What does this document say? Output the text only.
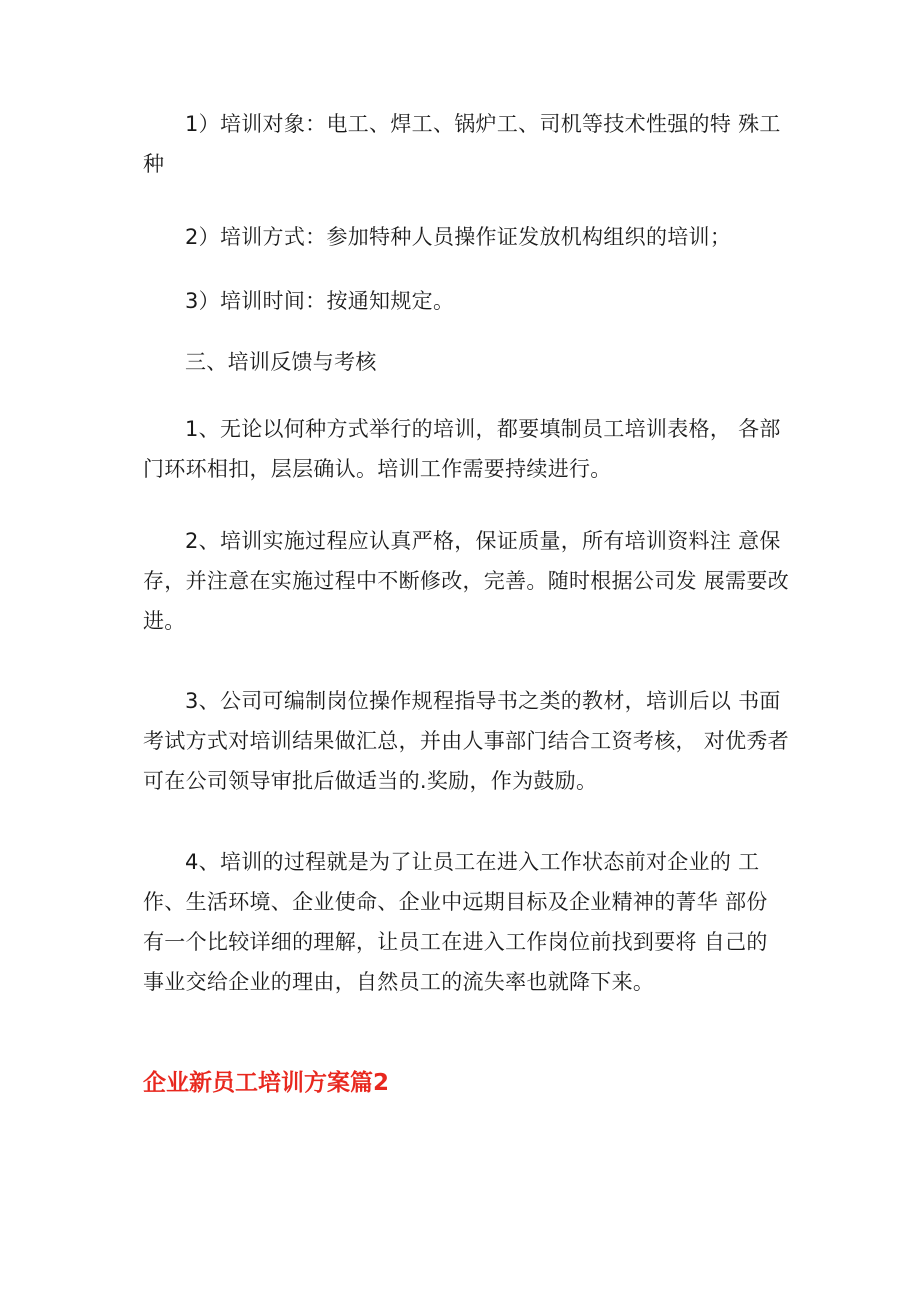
1）培训对象：电工、焊工、锅炉工、司机等技术性强的特 殊工
种

2）培训方式：参加特种人员操作证发放机构组织的培训；

3）培训时间：按通知规定。

三、培训反馈与考核

1、无论以何种方式举行的培训，都要填制员工培训表格， 各部
门环环相扣，层层确认。培训工作需要持续进行。

2、培训实施过程应认真严格，保证质量，所有培训资料注 意保
存，并注意在实施过程中不断修改，完善。随时根据公司发 展需要改
进。

3、公司可编制岗位操作规程指导书之类的教材，培训后以 书面
考试方式对培训结果做汇总，并由人事部门结合工资考核， 对优秀者
可在公司领导审批后做适当的.奖励，作为鼓励。

4、培训的过程就是为了让员工在进入工作状态前对企业的 工
作、生活环境、企业使命、企业中远期目标及企业精神的菁华 部份
有一个比较详细的理解，让员工在进入工作岗位前找到要将 自己的
事业交给企业的理由，自然员工的流失率也就降下来。

企业新员工培训方案篇2
